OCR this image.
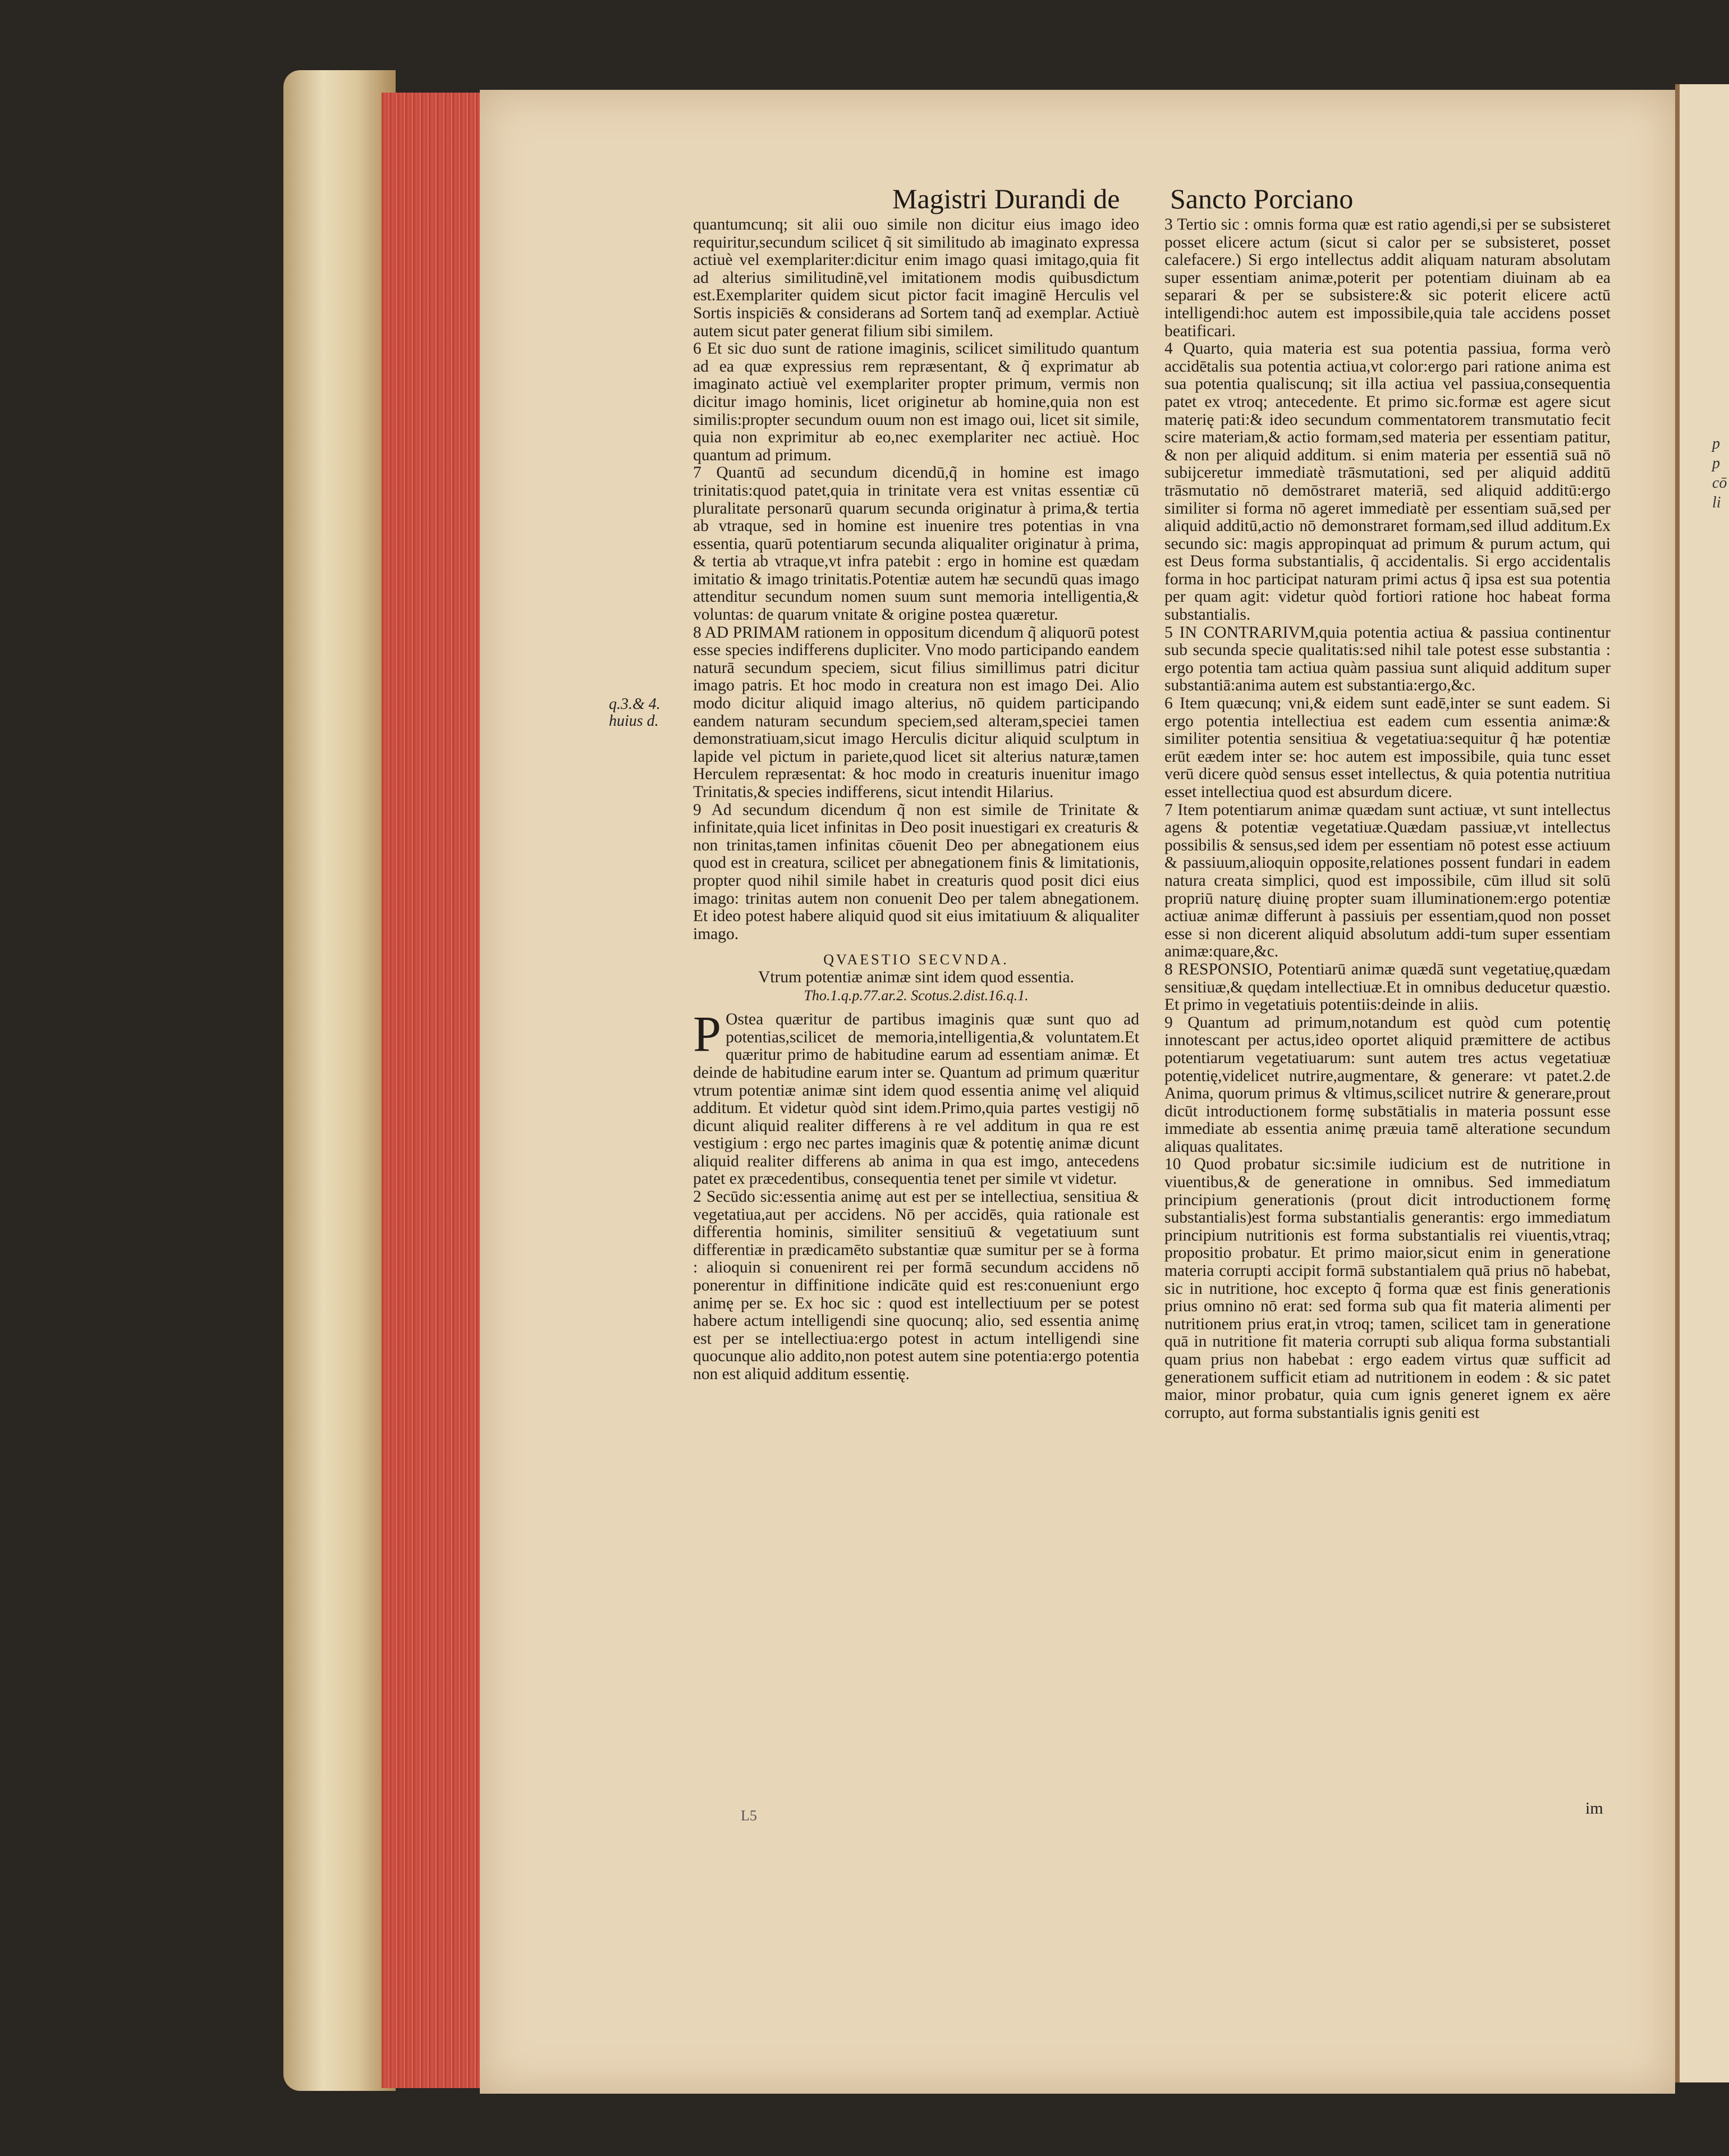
p
p
cō
li
Magistri Durandi de Sancto Porciano
q.3.& 4.
huius d.

quantumcunq; sit alii ouo simile non dicitur eius imago ideo requiritur,secundum scilicet q̃ sit similitudo ab imaginato expressa actiuè vel exemplariter:dicitur enim imago quasi imitago,quia fit ad alterius similitudinē,vel imitationem modis quibusdictum est.Exemplariter quidem sicut pictor facit imaginē Herculis vel Sortis inspiciēs & considerans ad Sortem tanq̃ ad exemplar. Actiuè autem sicut pater generat filium sibi similem.

6 Et sic duo sunt de ratione imaginis, scilicet similitudo quantum ad ea quæ expressius rem repræsentant, & q̃ exprimatur ab imaginato actiuè vel exemplariter propter primum, vermis non dicitur imago hominis, licet originetur ab homine,quia non est similis:propter secundum ouum non est imago oui, licet sit simile, quia non exprimitur ab eo,nec exemplariter nec actiuè. Hoc quantum ad primum.

7 Quantū ad secundum dicendū,q̃ in homine est imago trinitatis:quod patet,quia in trinitate vera est vnitas essentiæ cū pluralitate personarū quarum secunda originatur à prima,& tertia ab vtraque, sed in homine est inuenire tres potentias in vna essentia, quarū potentiarum secunda aliqualiter originatur à prima, & tertia ab vtraque,vt infra patebit : ergo in homine est quædam imitatio & imago trinitatis.Potentiæ autem hæ secundū quas imago attenditur secundum nomen suum sunt memoria intelligentia,& voluntas: de quarum vnitate & origine postea quæretur.

8 AD PRIMAM rationem in oppositum dicendum q̃ aliquorū potest esse species indifferens dupliciter. Vno modo participando eandem naturā secundum speciem, sicut filius simillimus patri dicitur imago patris. Et hoc modo in creatura non est imago Dei. Alio modo dicitur aliquid imago alterius, nō quidem participando eandem naturam secundum speciem,sed alteram,speciei tamen demonstratiuam,sicut imago Herculis dicitur aliquid sculptum in lapide vel pictum in pariete,quod licet sit alterius naturæ,tamen Herculem repræsentat: & hoc modo in creaturis inuenitur imago Trinitatis,& species indifferens, sicut intendit Hilarius.

9 Ad secundum dicendum q̃ non est simile de Trinitate & infinitate,quia licet infinitas in Deo posit inuestigari ex creaturis & non trinitas,tamen infinitas cōuenit Deo per abnegationem eius quod est in creatura, scilicet per abnegationem finis & limitationis, propter quod nihil simile habet in creaturis quod posit dici eius imago: trinitas autem non conuenit Deo per talem abnegationem. Et ideo potest habere aliquid quod sit eius imitatiuum & aliqualiter imago.

QVAESTIO SECVNDA.

Vtrum potentiæ animæ sint idem quod essentia.

Tho.1.q.p.77.ar.2. Scotus.2.dist.16.q.1.

P Ostea quæritur de partibus imaginis quæ sunt quo ad potentias,scilicet de memoria,intelligentia,& voluntatem.Et quæritur primo de habitudine earum ad essentiam animæ. Et deinde de habitudine earum inter se. Quantum ad primum quæritur vtrum potentiæ animæ sint idem quod essentia animę vel aliquid additum. Et videtur quòd sint idem.Primo,quia partes vestigij nō dicunt aliquid realiter differens à re vel additum in qua re est vestigium : ergo nec partes imaginis quæ & potentię animæ dicunt aliquid realiter differens ab anima in qua est imgo, antecedens patet ex præcedentibus, consequentia tenet per simile vt videtur.

2 Secūdo sic:essentia animę aut est per se intellectiua, sensitiua & vegetatiua,aut per accidens. Nō per accidēs, quia rationale est differentia hominis, similiter sensitiuū & vegetatiuum sunt differentiæ in prædicamēto substantiæ quæ sumitur per se à forma : alioquin si conuenirent rei per formā secundum accidens nō ponerentur in diffinitione indicāte quid est res:conueniunt ergo animę per se. Ex hoc sic : quod est intellectiuum per se potest habere actum intelligendi sine quocunq; alio, sed essentia animę est per se intellectiua:ergo potest in actum intelligendi sine quocunque alio addito,non potest autem sine potentia:ergo potentia non est aliquid additum essentię.

3 Tertio sic : omnis forma quæ est ratio agendi,si per se subsisteret posset elicere actum (sicut si calor per se subsisteret, posset calefacere.) Si ergo intellectus addit aliquam naturam absolutam super essentiam animæ,poterit per potentiam diuinam ab ea separari & per se subsistere:& sic poterit elicere actū intelligendi:hoc autem est impossibile,quia tale accidens posset beatificari.

4 Quarto, quia materia est sua potentia passiua, forma verò accidētalis sua potentia actiua,vt color:ergo pari ratione anima est sua potentia qualiscunq; sit illa actiua vel passiua,consequentia patet ex vtroq; antecedente. Et primo sic.formæ est agere sicut materię pati:& ideo secundum commentatorem transmutatio fecit scire materiam,& actio formam,sed materia per essentiam patitur, & non per aliquid additum. si enim materia per essentiā suā nō subijceretur immediatè trāsmutationi, sed per aliquid additū trāsmutatio nō demōstraret materiā, sed aliquid additū:ergo similiter si forma nō ageret immediatè per essentiam suā,sed per aliquid additū,actio nō demonstraret formam,sed illud additum.Ex secundo sic: magis appropinquat ad primum & purum actum, qui est Deus forma substantialis, q̃ accidentalis. Si ergo accidentalis forma in hoc participat naturam primi actus q̃ ipsa est sua potentia per quam agit: videtur quòd fortiori ratione hoc habeat forma substantialis.

5 IN CONTRARIVM,quia potentia actiua & passiua continentur sub secunda specie qualitatis:sed nihil tale potest esse substantia : ergo potentia tam actiua quàm passiua sunt aliquid additum super substantiā:anima autem est substantia:ergo,&c.

6 Item quæcunq; vni,& eidem sunt eadē,inter se sunt eadem. Si ergo potentia intellectiua est eadem cum essentia animæ:& similiter potentia sensitiua & vegetatiua:sequitur q̃ hæ potentiæ erūt eædem inter se: hoc autem est impossibile, quia tunc esset verū dicere quòd sensus esset intellectus, & quia potentia nutritiua esset intellectiua quod est absurdum dicere.

7 Item potentiarum animæ quædam sunt actiuæ, vt sunt intellectus agens & potentiæ vegetatiuæ.Quædam passiuæ,vt intellectus possibilis & sensus,sed idem per essentiam nō potest esse actiuum & passiuum,alioquin opposite,relationes possent fundari in eadem natura creata simplici, quod est impossibile, cūm illud sit solū propriū naturę diuinę propter suam illuminationem:ergo potentiæ actiuæ animæ differunt à passiuis per essentiam,quod non posset esse si non dicerent aliquid absolutum addi-tum super essentiam animæ:quare,&c.

8 RESPONSIO, Potentiarū animæ quædā sunt vegetatiuę,quædam sensitiuæ,& quędam intellectiuæ.Et in omnibus deducetur quæstio. Et primo in vegetatiuis potentiis:deinde in aliis.

9 Quantum ad primum,notandum est quòd cum potentię innotescant per actus,ideo oportet aliquid præmittere de actibus potentiarum vegetatiuarum: sunt autem tres actus vegetatiuæ potentię,videlicet nutrire,augmentare, & generare: vt patet.2.de Anima, quorum primus & vltimus,scilicet nutrire & generare,prout dicūt introductionem formę substātialis in materia possunt esse immediate ab essentia animę præuia tamē alteratione secundum aliquas qualitates.

10 Quod probatur sic:simile iudicium est de nutritione in viuentibus,& de generatione in omnibus. Sed immediatum principium generationis (prout dicit introductionem formę substantialis)est forma substantialis generantis: ergo immediatum principium nutritionis est forma substantialis rei viuentis,vtraq; propositio probatur. Et primo maior,sicut enim in generatione materia corrupti accipit formā substantialem quā prius nō habebat, sic in nutritione, hoc excepto q̃ forma quæ est finis generationis prius omnino nō erat: sed forma sub qua fit materia alimenti per nutritionem prius erat,in vtroq; tamen, scilicet tam in generatione quā in nutritione fit materia corrupti sub aliqua forma substantiali quam prius non habebat : ergo eadem virtus quæ sufficit ad generationem sufficit etiam ad nutritionem in eodem : & sic patet maior, minor probatur, quia cum ignis generet ignem ex aëre corrupto, aut forma substantialis ignis geniti est

im
L5
